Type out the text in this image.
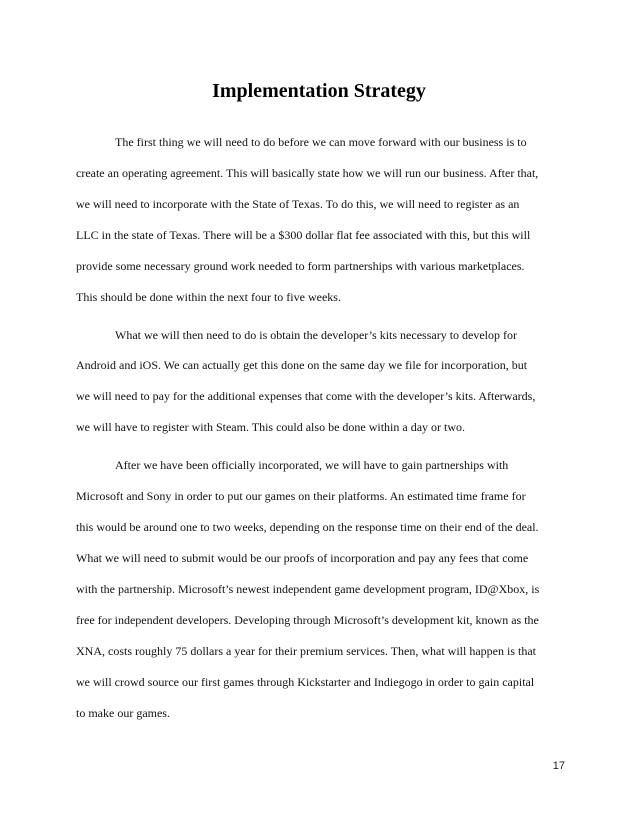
Implementation Strategy
The first thing we will need to do before we can move forward with our business is to
create an operating agreement. This will basically state how we will run our business. After that,
we will need to incorporate with the State of Texas. To do this, we will need to register as an
LLC in the state of Texas. There will be a $300 dollar flat fee associated with this, but this will
provide some necessary ground work needed to form partnerships with various marketplaces.
This should be done within the next four to five weeks.
What we will then need to do is obtain the developer’s kits necessary to develop for
Android and iOS. We can actually get this done on the same day we file for incorporation, but
we will need to pay for the additional expenses that come with the developer’s kits. Afterwards,
we will have to register with Steam. This could also be done within a day or two.
After we have been officially incorporated, we will have to gain partnerships with
Microsoft and Sony in order to put our games on their platforms. An estimated time frame for
this would be around one to two weeks, depending on the response time on their end of the deal.
What we will need to submit would be our proofs of incorporation and pay any fees that come
with the partnership. Microsoft’s newest independent game development program, ID@Xbox, is
free for independent developers. Developing through Microsoft’s development kit, known as the
XNA, costs roughly 75 dollars a year for their premium services. Then, what will happen is that
we will crowd source our first games through Kickstarter and Indiegogo in order to gain capital
to make our games.
17
